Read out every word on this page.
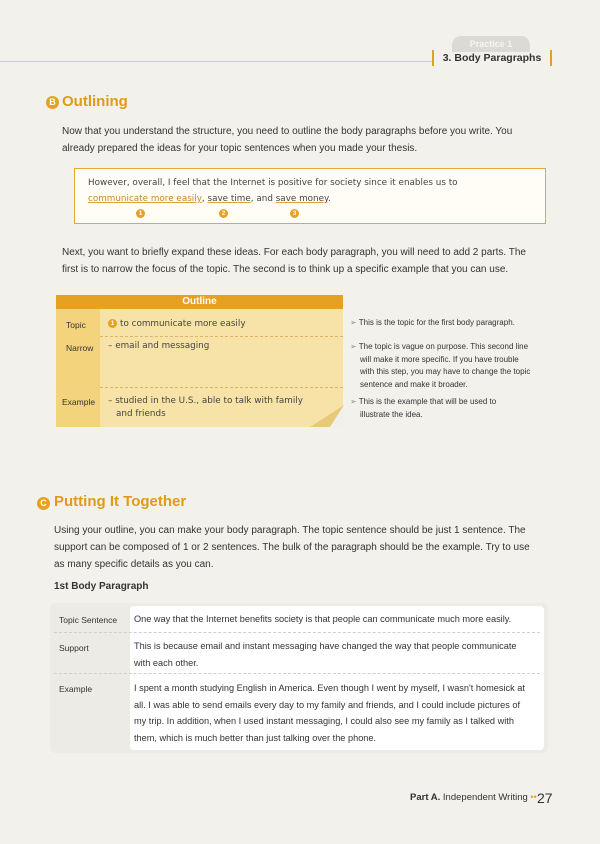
Practice 1
3. Body Paragraphs
B Outlining
Now that you understand the structure, you need to outline the body paragraphs before you write. You
already prepared the ideas for your topic sentences when you made your thesis.
However, overall, I feel that the Internet is positive for society since it enables us to
communicate more easily, save time, and save money.
1	2	3
Next, you want to briefly expand these ideas. For each body paragraph, you will need to add 2 parts. The
first is to narrow the focus of the topic. The second is to think up a specific example that you can use.
Outline
Topic	1 to communicate more easily
Narrow – email and messaging
Example – studied in the U.S., able to talk with family
and friends
➢ This is the topic for the first body paragraph.
➢ The topic is vague on purpose. This second line
will make it more specific. If you have trouble
with this step, you may have to change the topic
sentence and make it broader.
➢ This is the example that will be used to
illustrate the idea.
C Putting It Together
Using your outline, you can make your body paragraph. The topic sentence should be just 1 sentence. The
support can be composed of 1 or 2 sentences. The bulk of the paragraph should be the example. Try to use
as many specific details as you can.
1st Body Paragraph
Topic Sentence One way that the Internet benefits society is that people can communicate much more easily.
Support	This is because email and instant messaging have changed the way that people communicate
with each other.
Example	I spent a month studying English in America. Even though I went by myself, I wasn't homesick at
all. I was able to send emails every day to my family and friends, and I could include pictures of
my trip. In addition, when I used instant messaging, I could also see my family as I talked with
them, which is much better than just talking over the phone.
Part A. Independent Writing •• 27
